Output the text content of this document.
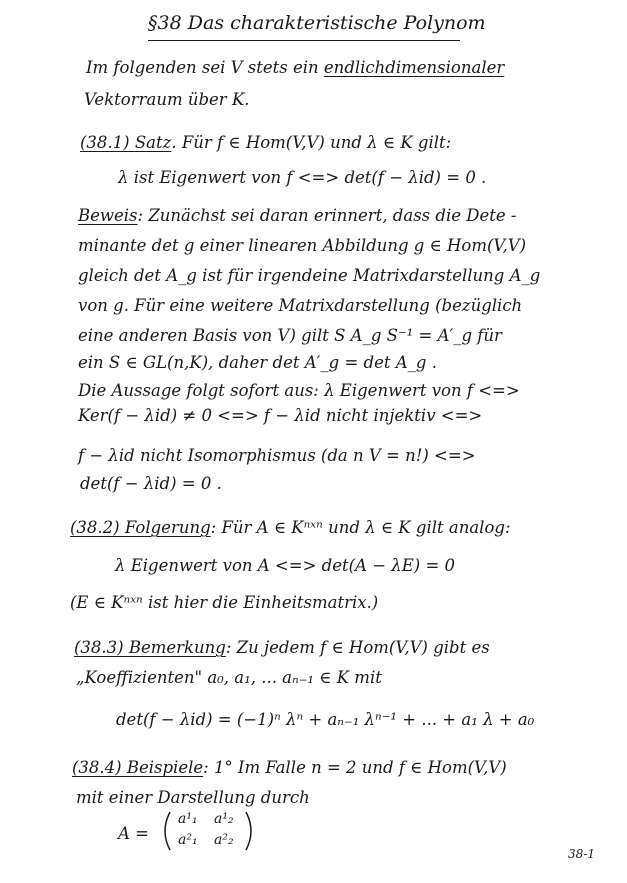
§38 Das charakteristische Polynom
Im folgenden sei V stets ein endlichdimensionaler
Vektorraum über K.
(38.1) Satz. Für f ∈ Hom(V,V) und λ ∈ K gilt:
λ ist Eigenwert von f <=> det(f − λid) = 0 .
Beweis: Zunächst sei daran erinnert, dass die Dete -
minante det g einer linearen Abbildung g ∈ Hom(V,V)
gleich det A_g ist für irgendeine Matrixdarstellung A_g
von g. Für eine weitere Matrixdarstellung (bezüglich
eine anderen Basis von V) gilt S A_g S⁻¹ = A′_g für
ein S ∈ GL(n,K), daher det A′_g = det A_g .
Die Aussage folgt sofort aus: λ Eigenwert von f <=>
Ker(f − λid) ≠ 0 <=> f − λid nicht injektiv <=>
f − λid nicht Isomorphismus (da n V = n!) <=>
det(f − λid) = 0 .
(38.2) Folgerung: Für A ∈ Kⁿˣⁿ und λ ∈ K gilt analog:
λ Eigenwert von A <=> det(A − λE) = 0
(E ∈ Kⁿˣⁿ ist hier die Einheitsmatrix.)
(38.3) Bemerkung: Zu jedem f ∈ Hom(V,V) gibt es
„Koeffizienten" a₀, a₁, ... aₙ₋₁ ∈ K mit
det(f − λid) = (−1)ⁿ λⁿ + aₙ₋₁ λⁿ⁻¹ + ... + a₁ λ + a₀
(38.4) Beispiele: 1° Im Falle n = 2 und f ∈ Hom(V,V)
mit einer Darstellung durch
A =
a¹₁ a¹₂
a²₁ a²₂
38-1
